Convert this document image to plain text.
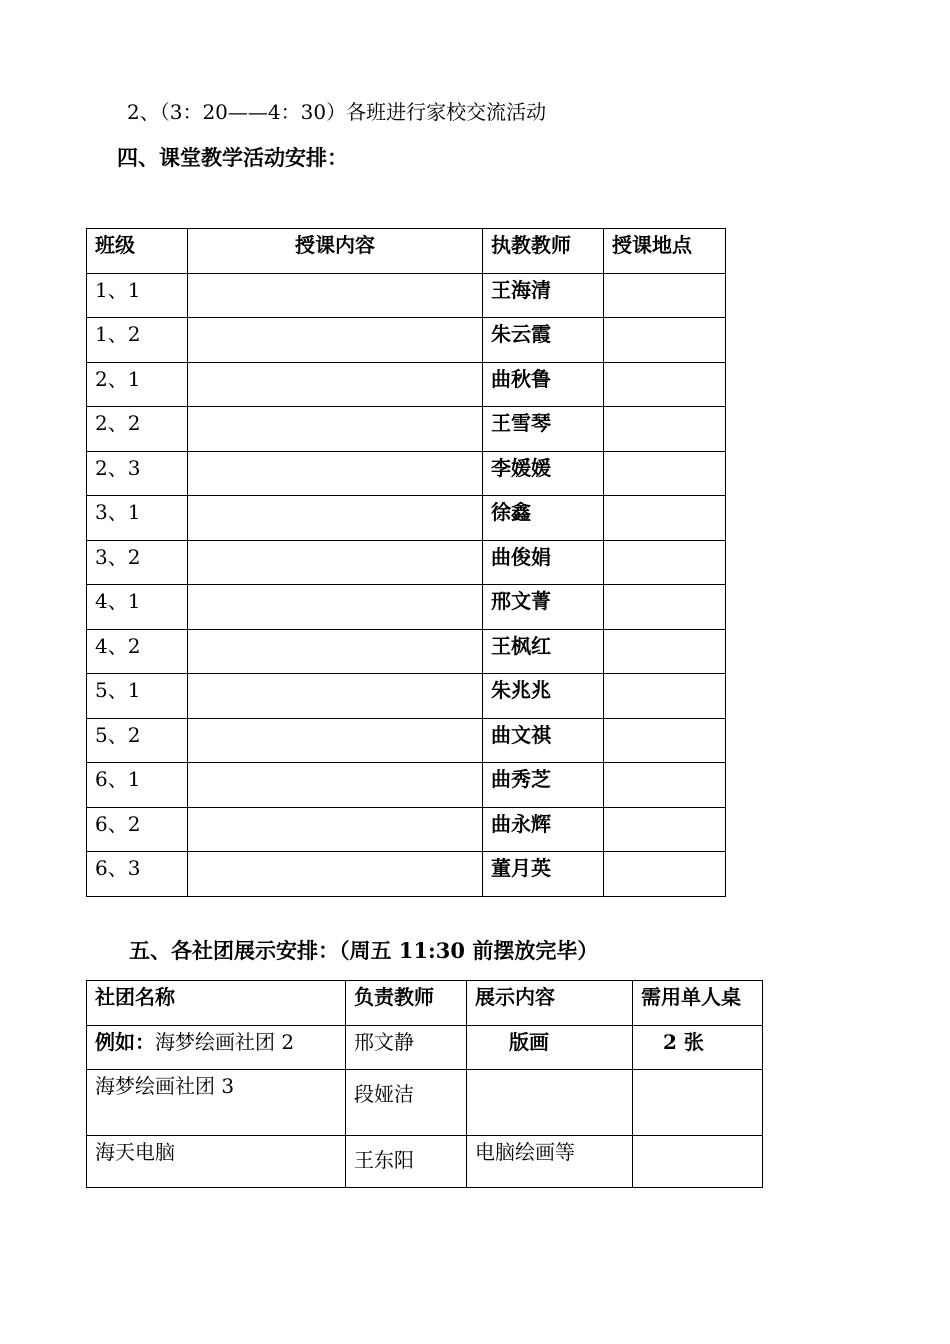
2、（3：20——4：30）各班进行家校交流活动
四、课堂教学活动安排：
班级	授课内容	执教教师	授课地点

1、1		王海清	

1、2		朱云霞	

2、1		曲秋鲁	

2、2		王雪琴	

2、3		李媛媛	

3、1		徐鑫	

3、2		曲俊娟	

4、1		邢文菁	

4、2		王枫红	

5、1		朱兆兆	

5、2		曲文祺	

6、1		曲秀芝	

6、2		曲永辉	

6、3		董月英	

五、各社团展示安排：（周五 11:30 前摆放完毕）
社团名称	负责教师	展示内容	需用单人桌

例如：海梦绘画社团 2	邢文静	版画	2 张

海梦绘画社团 3	段娅洁		

海天电脑	王东阳	电脑绘画等	
